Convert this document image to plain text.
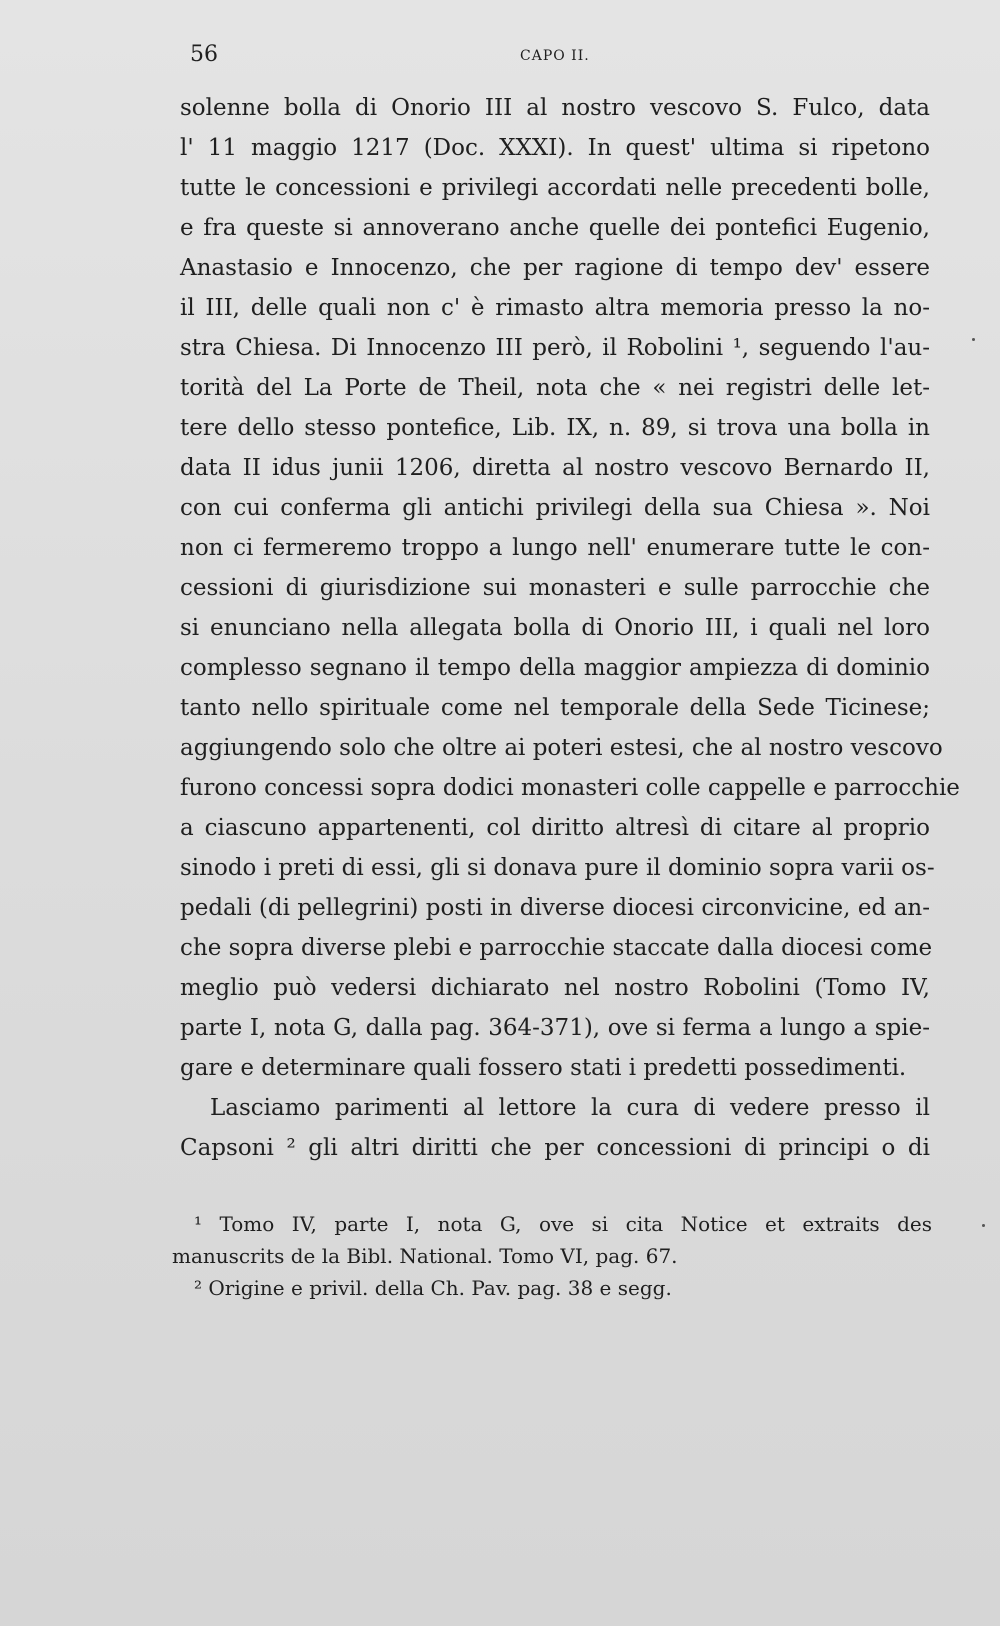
56	CAPO II.
solenne bolla di Onorio III al nostro vescovo S. Fulco, data
l' 11 maggio 1217 (Doc. XXXI). In quest' ultima si ripetono
tutte le concessioni e privilegi accordati nelle precedenti bolle,
e fra queste si annoverano anche quelle dei pontefici Eugenio,
Anastasio e Innocenzo, che per ragione di tempo dev' essere
il III, delle quali non c' è rimasto altra memoria presso la no-
stra Chiesa. Di Innocenzo III però, il Robolini ¹, seguendo l'au-
torità del La Porte de Theil, nota che « nei registri delle let-
tere dello stesso pontefice, Lib. IX, n. 89, si trova una bolla in
data II idus junii 1206, diretta al nostro vescovo Bernardo II,
con cui conferma gli antichi privilegi della sua Chiesa ». Noi
non ci fermeremo troppo a lungo nell' enumerare tutte le con-
cessioni di giurisdizione sui monasteri e sulle parrocchie che
si enunciano nella allegata bolla di Onorio III, i quali nel loro
complesso segnano il tempo della maggior ampiezza di dominio
tanto nello spirituale come nel temporale della Sede Ticinese;
aggiungendo solo che oltre ai poteri estesi, che al nostro vescovo
furono concessi sopra dodici monasteri colle cappelle e parrocchie
a ciascuno appartenenti, col diritto altresì di citare al proprio
sinodo i preti di essi, gli si donava pure il dominio sopra varii os-
pedali (di pellegrini) posti in diverse diocesi circonvicine, ed an-
che sopra diverse plebi e parrocchie staccate dalla diocesi come
meglio può vedersi dichiarato nel nostro Robolini (Tomo IV,
parte I, nota G, dalla pag. 364-371), ove si ferma a lungo a spie-
gare e determinare quali fossero stati i predetti possedimenti.
Lasciamo parimenti al lettore la cura di vedere presso il
Capsoni ² gli altri diritti che per concessioni di principi o di
¹ Tomo IV, parte I, nota G, ove si cita Notice et extraits des
manuscrits de la Bibl. National. Tomo VI, pag. 67.
² Origine e privil. della Ch. Pav. pag. 38 e segg.
